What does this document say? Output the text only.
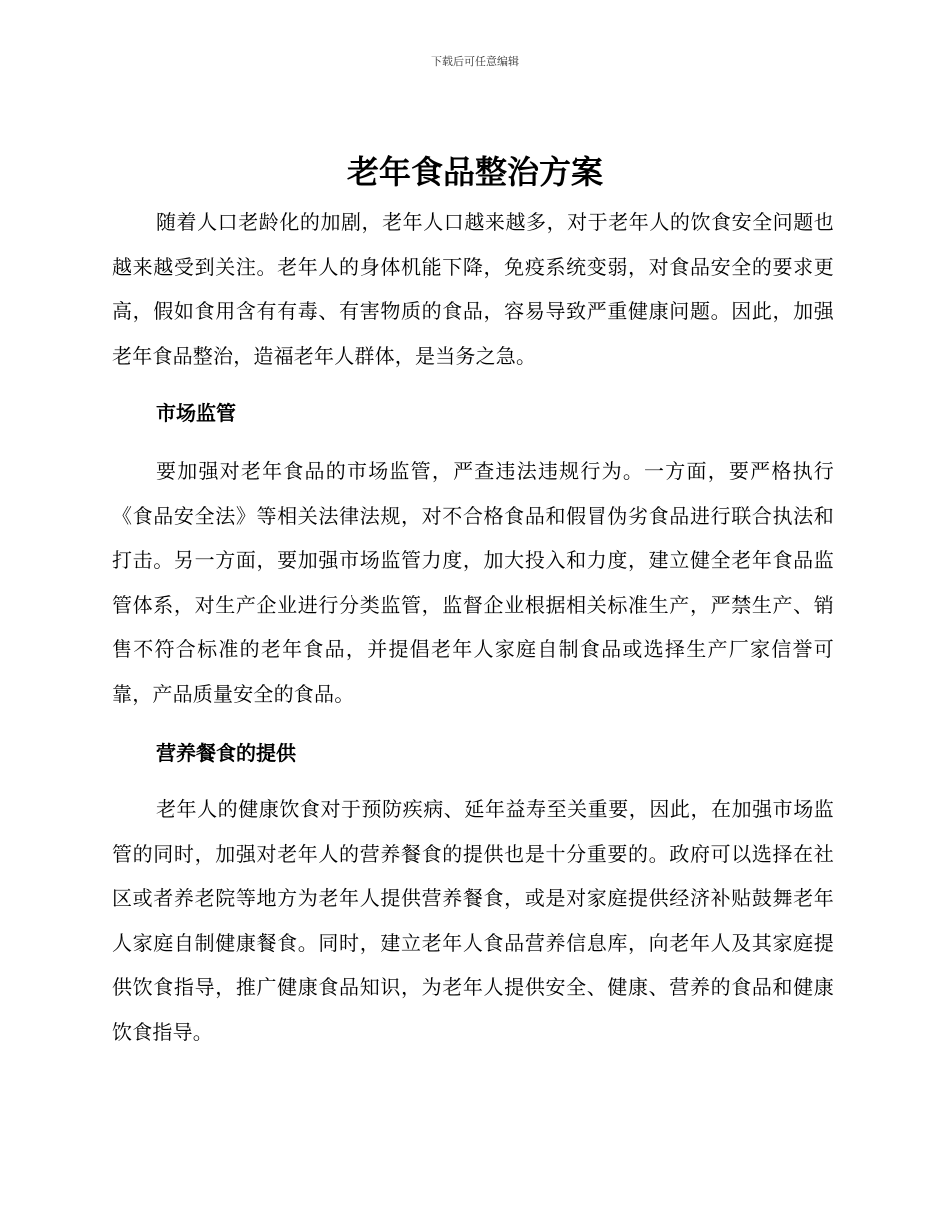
下载后可任意编辑
老年食品整治方案

随着人口老龄化的加剧，老年人口越来越多，对于老年人的饮食安全问题也越来越受到关注。老年人的身体机能下降，免疫系统变弱，对食品安全的要求更高，假如食用含有有毒、有害物质的食品，容易导致严重健康问题。因此，加强老年食品整治，造福老年人群体，是当务之急。

市场监管

要加强对老年食品的市场监管，严查违法违规行为。一方面，要严格执行《食品安全法》等相关法律法规，对不合格食品和假冒伪劣食品进行联合执法和打击。另一方面，要加强市场监管力度，加大投入和力度，建立健全老年食品监管体系，对生产企业进行分类监管，监督企业根据相关标准生产，严禁生产、销售不符合标准的老年食品，并提倡老年人家庭自制食品或选择生产厂家信誉可靠，产品质量安全的食品。

营养餐食的提供

老年人的健康饮食对于预防疾病、延年益寿至关重要，因此，在加强市场监管的同时，加强对老年人的营养餐食的提供也是十分重要的。政府可以选择在社区或者养老院等地方为老年人提供营养餐食，或是对家庭提供经济补贴鼓舞老年人家庭自制健康餐食。同时，建立老年人食品营养信息库，向老年人及其家庭提供饮食指导，推广健康食品知识，为老年人提供安全、健康、营养的食品和健康饮食指导。
